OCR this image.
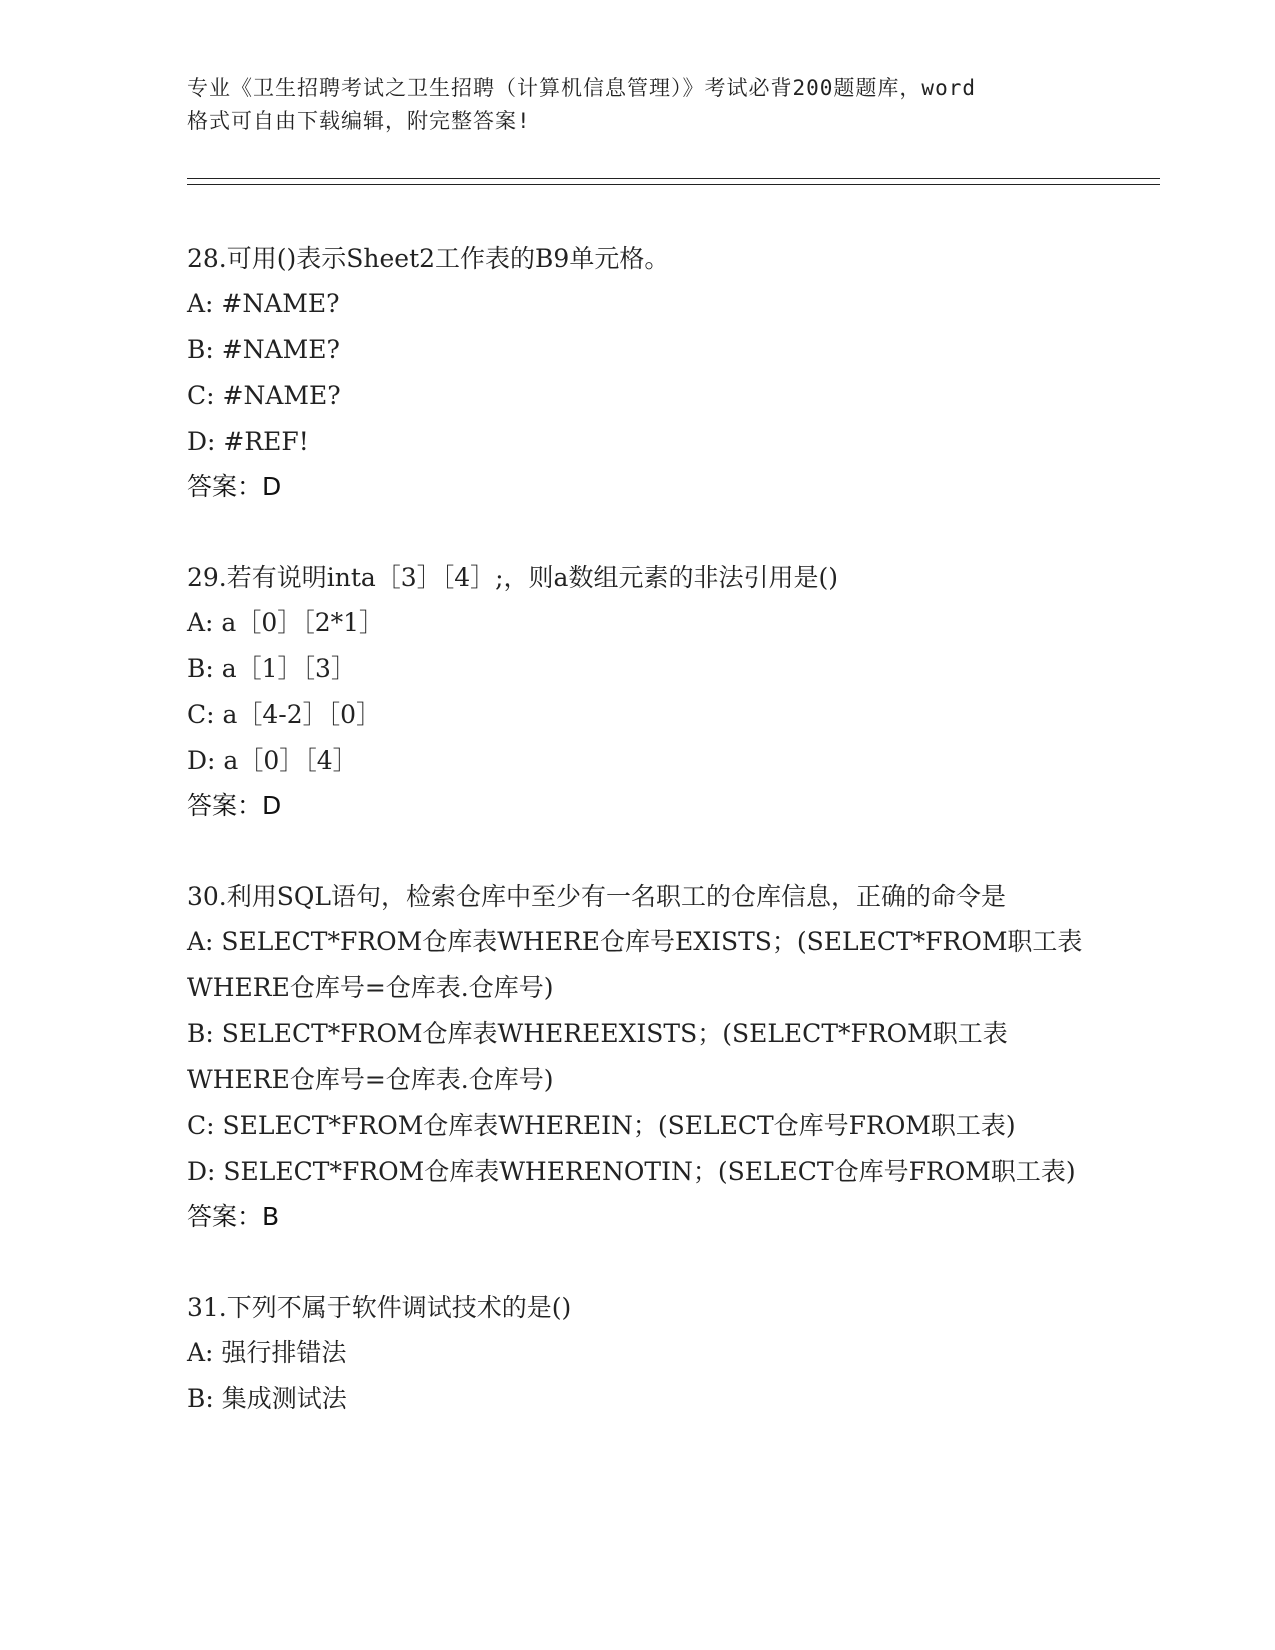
专业《卫生招聘考试之卫生招聘（计算机信息管理）》考试必背200题题库，word
格式可自由下载编辑，附完整答案!
28.可用()表示Sheet2工作表的B9单元格。
A: #NAME?
B: #NAME?
C: #NAME?
D: #REF!
答案：D
29.若有说明inta［3］［4］;，则a数组元素的非法引用是()
A: a［0］［2*1］
B: a［1］［3］
C: a［4-2］［0］
D: a［0］［4］
答案：D
30.利用SQL语句，检索仓库中至少有一名职工的仓库信息，正确的命令是
A: SELECT*FROM仓库表WHERE仓库号EXISTS；(SELECT*FROM职工表WHERE仓库号=仓库表.仓库号)
B: SELECT*FROM仓库表WHEREEXISTS；(SELECT*FROM职工表WHERE仓库号=仓库表.仓库号)
C: SELECT*FROM仓库表WHEREIN；(SELECT仓库号FROM职工表)
D: SELECT*FROM仓库表WHERENOTIN；(SELECT仓库号FROM职工表)
答案：B
31.下列不属于软件调试技术的是()
A: 强行排错法
B: 集成测试法
